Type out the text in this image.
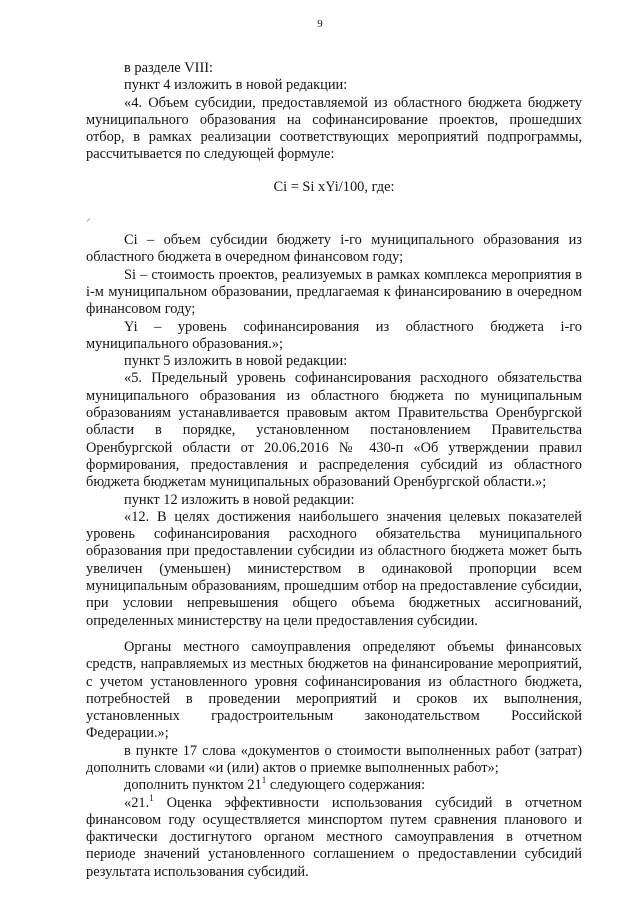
9
⸝

в разделе VIII:

пункт 4 изложить в новой редакции:

«4. Объем субсидии, предоставляемой из областного бюджета бюджету муниципального образования на софинансирование проектов, прошедших отбор, в рамках реализации соответствующих мероприятий подпрограммы, рассчитывается по следующей формуле:

Ci = Si xYi/100, где:

Ci – объем субсидии бюджету i-го муниципального образования из областного бюджета в очередном финансовом году;

Si – стоимость проектов, реализуемых в рамках комплекса мероприятия в i-м муниципальном образовании, предлагаемая к финансированию в очередном финансовом году;

Yi – уровень софинансирования из областного бюджета i-го муниципального образования.»;

пункт 5 изложить в новой редакции:

«5. Предельный уровень софинансирования расходного обязательства муниципального образования из областного бюджета по муниципальным образованиям устанавливается правовым актом Правительства Оренбургской области в порядке, установленном постановлением Правительства Оренбургской области от 20.06.2016 № 430-п «Об утверждении правил формирования, предоставления и распределения субсидий из областного бюджета бюджетам муниципальных образований Оренбургской области.»;

пункт 12 изложить в новой редакции:

«12. В целях достижения наибольшего значения целевых показателей уровень софинансирования расходного обязательства муниципального образования при предоставлении субсидии из областного бюджета может быть увеличен (уменьшен) министерством в одинаковой пропорции всем муниципальным образованиям, прошедшим отбор на предоставление субсидии, при условии непревышения общего объема бюджетных ассигнований, определенных министерству на цели предоставления субсидии.

Органы местного самоуправления определяют объемы финансовых средств, направляемых из местных бюджетов на финансирование мероприятий, с учетом установленного уровня софинансирования из областного бюджета, потребностей в проведении мероприятий и сроков их выполнения, установленных градостроительным законодательством Российской Федерации.»;

в пункте 17 слова «документов о стоимости выполненных работ (затрат) дополнить словами «и (или) актов о приемке выполненных работ»;

дополнить пунктом $21^1$ следующего содержания:

«21.$^1$ Оценка эффективности использования субсидий в отчетном финансовом году осуществляется минспортом путем сравнения планового и фактически достигнутого органом местного самоуправления в отчетном периоде значений установленного соглашением о предоставлении субсидий результата использования субсидий.
